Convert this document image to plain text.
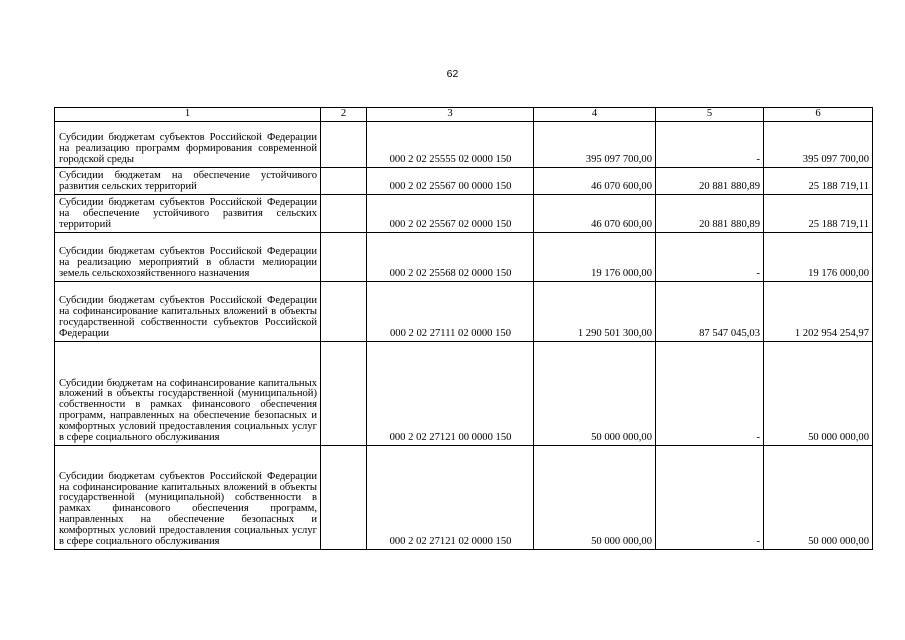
62
1	2	3	4	5	6
Субсидии бюджетам субъектов Российской Федерации на реализацию программ формирования современной городской среды		000 2 02 25555 02 0000 150	395 097 700,00	-	395 097 700,00
Субсидии бюджетам на обеспечение устойчивого развития сельских территорий		000 2 02 25567 00 0000 150	46 070 600,00	20 881 880,89	25 188 719,11
Субсидии бюджетам субъектов Российской Федерации на обеспечение устойчивого развития сельских территорий		000 2 02 25567 02 0000 150	46 070 600,00	20 881 880,89	25 188 719,11
Субсидии бюджетам субъектов Российской Федерации на реализацию мероприятий в области мелиорации земель сельскохозяйственного назначения		000 2 02 25568 02 0000 150	19 176 000,00	-	19 176 000,00
Субсидии бюджетам субъектов Российской Федерации на софинансирование капитальных вложений в объекты государственной собственности субъектов Российской Федерации		000 2 02 27111 02 0000 150	1 290 501 300,00	87 547 045,03	1 202 954 254,97
Субсидии бюджетам на софинансирование капитальных вложений в объекты государственной (муниципальной) собственности в рамках финансового обеспечения программ, направленных на обеспечение безопасных и комфортных условий предоставления социальных услуг в сфере социального обслуживания		000 2 02 27121 00 0000 150	50 000 000,00	-	50 000 000,00
Субсидии бюджетам субъектов Российской Федерации на софинансирование капитальных вложений в объекты государственной (муниципальной) собственности в рамках финансового обеспечения программ, направленных на обеспечение безопасных и комфортных условий предоставления социальных услуг в сфере социального обслуживания		000 2 02 27121 02 0000 150	50 000 000,00	-	50 000 000,00
